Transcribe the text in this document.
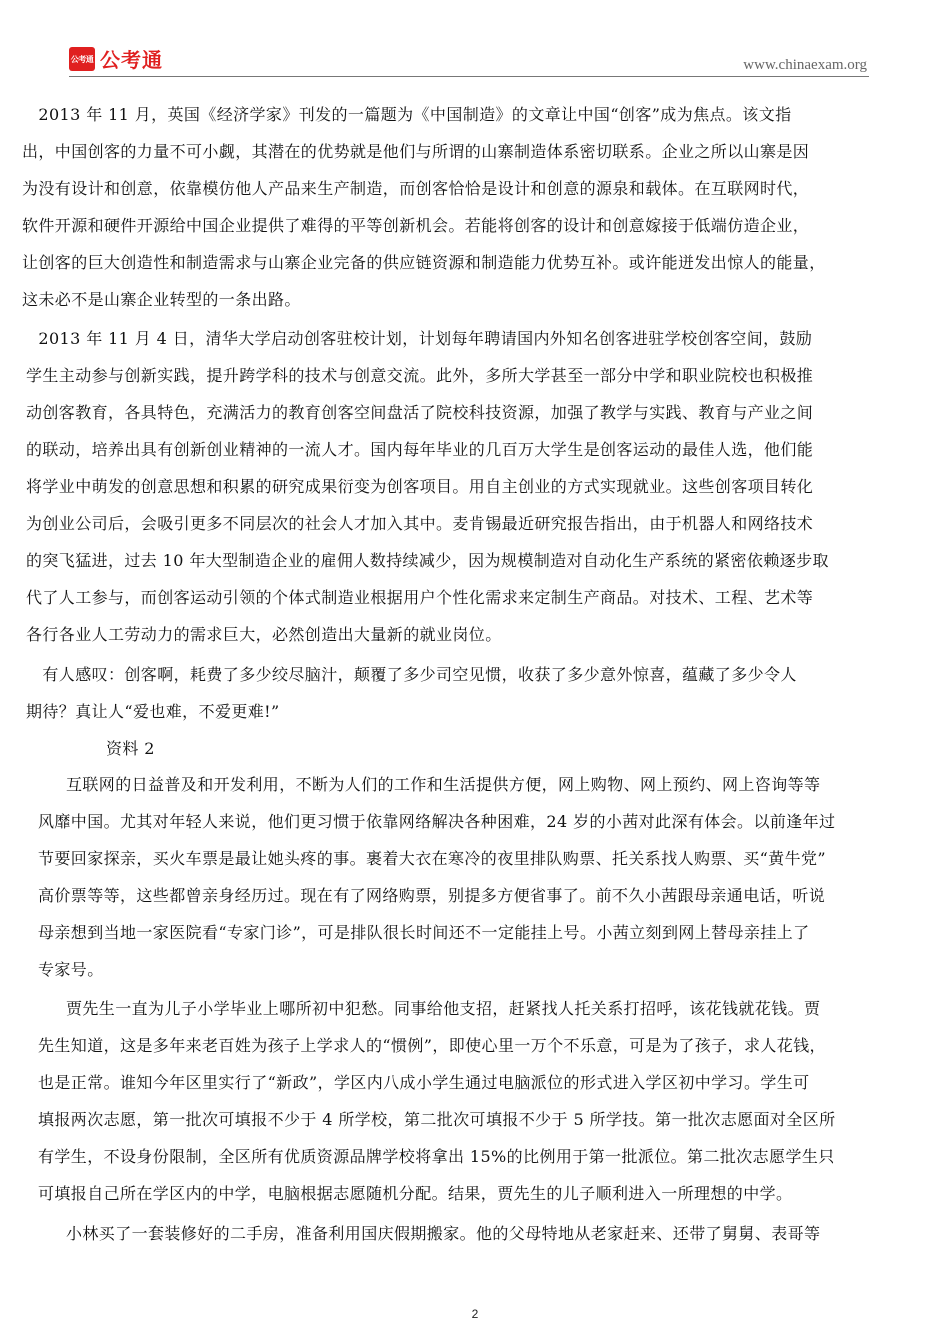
公考通 公考通	www.chinaexam.org
　2013 年 11 月，英国《经济学家》刊发的一篇题为《中国制造》的文章让中国“创客”成为焦点。该文指
出，中国创客的力量不可小觑，其潜在的优势就是他们与所谓的山寨制造体系密切联系。企业之所以山寨是因
为没有设计和创意，依靠模仿他人产品来生产制造，而创客恰恰是设计和创意的源泉和载体。在互联网时代，
软件开源和硬件开源给中国企业提供了难得的平等创新机会。若能将创客的设计和创意嫁接于低端仿造企业，
让创客的巨大创造性和制造需求与山寨企业完备的供应链资源和制造能力优势互补。或许能迸发出惊人的能量，
这未必不是山寨企业转型的一条出路。
　2013 年 11 月 4 日，清华大学启动创客驻校计划，计划每年聘请国内外知名创客进驻学校创客空间，鼓励
学生主动参与创新实践，提升跨学科的技术与创意交流。此外，多所大学甚至一部分中学和职业院校也积极推
动创客教育，各具特色，充满活力的教育创客空间盘活了院校科技资源，加强了教学与实践、教育与产业之间
的联动，培养出具有创新创业精神的一流人才。国内每年毕业的几百万大学生是创客运动的最佳人选，他们能
将学业中萌发的创意思想和积累的研究成果衍变为创客项目。用自主创业的方式实现就业。这些创客项目转化
为创业公司后，会吸引更多不同层次的社会人才加入其中。麦肯锡最近研究报告指出，由于机器人和网络技术
的突飞猛进，过去 10 年大型制造企业的雇佣人数持续减少，因为规模制造对自动化生产系统的紧密依赖逐步取
代了人工参与，而创客运动引领的个体式制造业根据用户个性化需求来定制生产商品。对技术、工程、艺术等
各行各业人工劳动力的需求巨大，必然创造出大量新的就业岗位。
　有人感叹：创客啊，耗费了多少绞尽脑汁，颠覆了多少司空见惯，收获了多少意外惊喜，蕴藏了多少令人
期待？真让人“爱也难，不爱更难!”
资料 2
互联网的日益普及和开发利用，不断为人们的工作和生活提供方便，网上购物、网上预约、网上咨询等等
风靡中国。尤其对年轻人来说，他们更习惯于依靠网络解决各种困难，24 岁的小茜对此深有体会。以前逢年过
节要回家探亲，买火车票是最让她头疼的事。裹着大衣在寒冷的夜里排队购票、托关系找人购票、买“黄牛党”
高价票等等，这些都曾亲身经历过。现在有了网络购票，别提多方便省事了。前不久小茜跟母亲通电话，听说
母亲想到当地一家医院看“专家门诊”，可是排队很长时间还不一定能挂上号。小茜立刻到网上替母亲挂上了
专家号。
贾先生一直为儿子小学毕业上哪所初中犯愁。同事给他支招，赶紧找人托关系打招呼，该花钱就花钱。贾
先生知道，这是多年来老百姓为孩子上学求人的“惯例”，即使心里一万个不乐意，可是为了孩子，求人花钱，
也是正常。谁知今年区里实行了“新政”，学区内八成小学生通过电脑派位的形式进入学区初中学习。学生可
填报两次志愿，第一批次可填报不少于 4 所学校，第二批次可填报不少于 5 所学技。第一批次志愿面对全区所
有学生，不设身份限制，全区所有优质资源品牌学校将拿出 15%的比例用于第一批派位。第二批次志愿学生只
可填报自己所在学区内的中学，电脑根据志愿随机分配。结果，贾先生的儿子顺利进入一所理想的中学。
小林买了一套装修好的二手房，准备利用国庆假期搬家。他的父母特地从老家赶来、还带了舅舅、表哥等
2
